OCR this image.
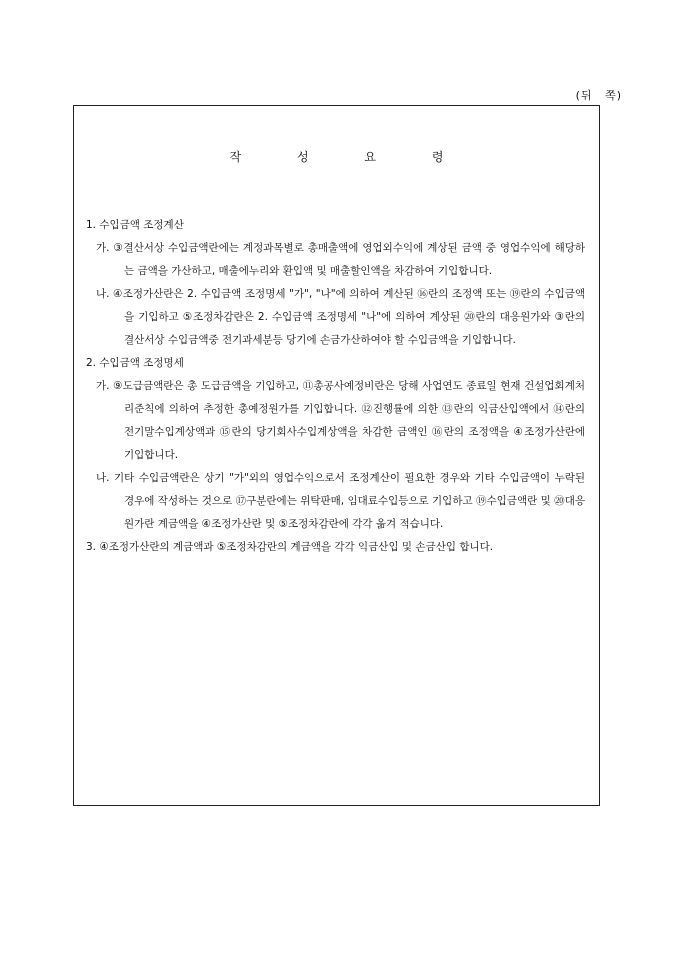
(뒤 쪽)
작 성 요 령

1. 수입금액 조정계산

가. ③결산서상 수입금액란에는 계정과목별로 총매출액에 영업외수익에 계상된 금액 중 영업수익에 해당하는 금액을 가산하고, 매출에누리와 환입액 및 매출할인액을 차감하여 기입합니다.

나. ④조정가산란은 2. 수입금액 조정명세 "가", "나"에 의하여 계산된 ⑯란의 조정액 또는 ⑲란의 수입금액을 기입하고 ⑤조정차감란은 2. 수입금액 조정명세 "나"에 의하여 계상된 ⑳란의 대응원가와 ③란의 결산서상 수입금액중 전기과세분등 당기에 손금가산하여야 할 수입금액을 기입합니다.

2. 수입금액 조정명세

가. ⑨도급금액란은 총 도급금액을 기입하고, ⑪총공사예정비란은 당해 사업연도 종료일 현재 건설업회계처리준칙에 의하여 추정한 총예정원가를 기입합니다. ⑫진행률에 의한 ⑬란의 익금산입액에서 ⑭란의 전기말수입계상액과 ⑮란의 당기회사수입계상액을 차감한 금액인 ⑯란의 조정액을 ④조정가산란에 기입합니다.

나. 기타 수입금액란은 상기 "가"외의 영업수익으로서 조정계산이 필요한 경우와 기타 수입금액이 누락된 경우에 작성하는 것으로 ⑰구분란에는 위탁판매, 임대료수입등으로 기입하고 ⑲수입금액란 및 ⑳대응원가란 계금액을 ④조정가산란 및 ⑤조정차감란에 각각 옮겨 적습니다.

3. ④조정가산란의 계금액과 ⑤조정차감란의 계금액을 각각 익금산입 및 손금산입 합니다.
